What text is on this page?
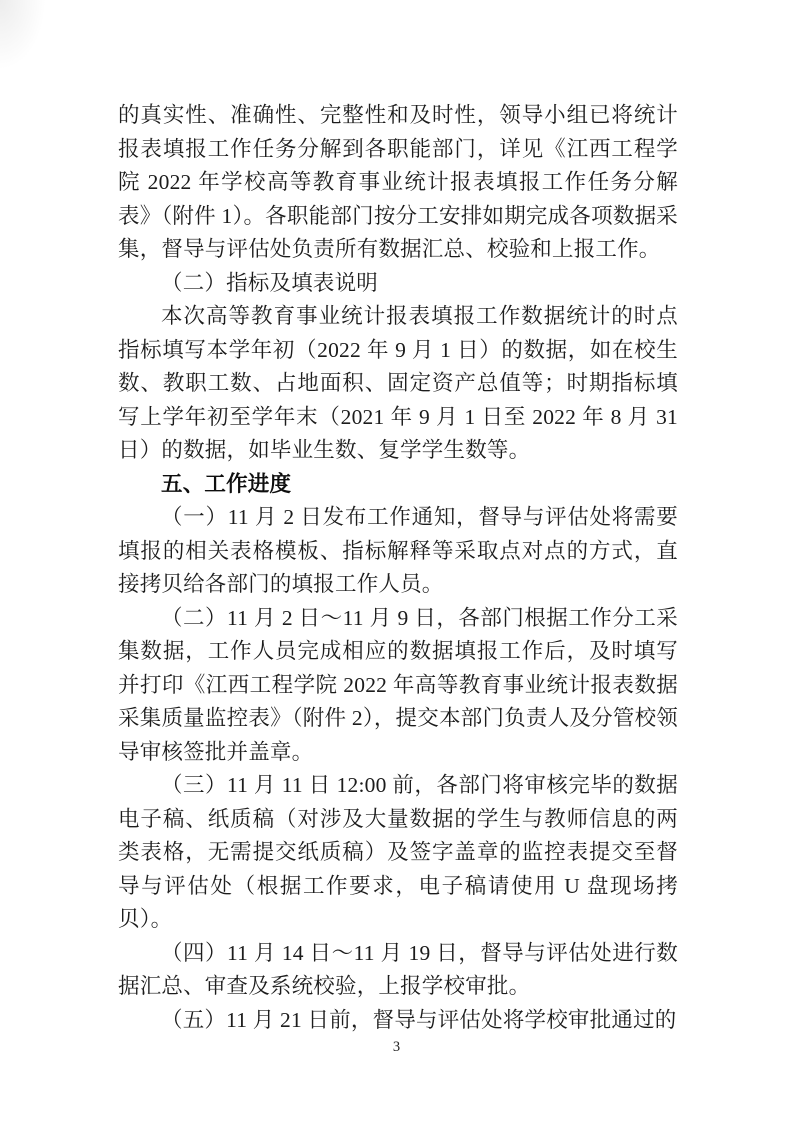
的真实性、准确性、完整性和及时性，领导小组已将统计报表填报工作任务分解到各职能部门，详见《江西工程学院 2022 年学校高等教育事业统计报表填报工作任务分解表》（附件 1）。各职能部门按分工安排如期完成各项数据采集，督导与评估处负责所有数据汇总、校验和上报工作。

（二）指标及填表说明

本次高等教育事业统计报表填报工作数据统计的时点指标填写本学年初（2022 年 9 月 1 日）的数据，如在校生数、教职工数、占地面积、固定资产总值等；时期指标填写上学年初至学年末（2021 年 9 月 1 日至 2022 年 8 月 31 日）的数据，如毕业生数、复学学生数等。

五、工作进度

（一）11 月 2 日发布工作通知，督导与评估处将需要填报的相关表格模板、指标解释等采取点对点的方式，直接拷贝给各部门的填报工作人员。

（二）11 月 2 日～11 月 9 日，各部门根据工作分工采集数据，工作人员完成相应的数据填报工作后，及时填写并打印《江西工程学院 2022 年高等教育事业统计报表数据采集质量监控表》（附件 2），提交本部门负责人及分管校领导审核签批并盖章。

（三）11 月 11 日 12:00 前，各部门将审核完毕的数据电子稿、纸质稿（对涉及大量数据的学生与教师信息的两类表格，无需提交纸质稿）及签字盖章的监控表提交至督导与评估处（根据工作要求，电子稿请使用 U 盘现场拷贝）。

（四）11 月 14 日～11 月 19 日，督导与评估处进行数据汇总、审查及系统校验，上报学校审批。

（五）11 月 21 日前，督导与评估处将学校审批通过的

3
